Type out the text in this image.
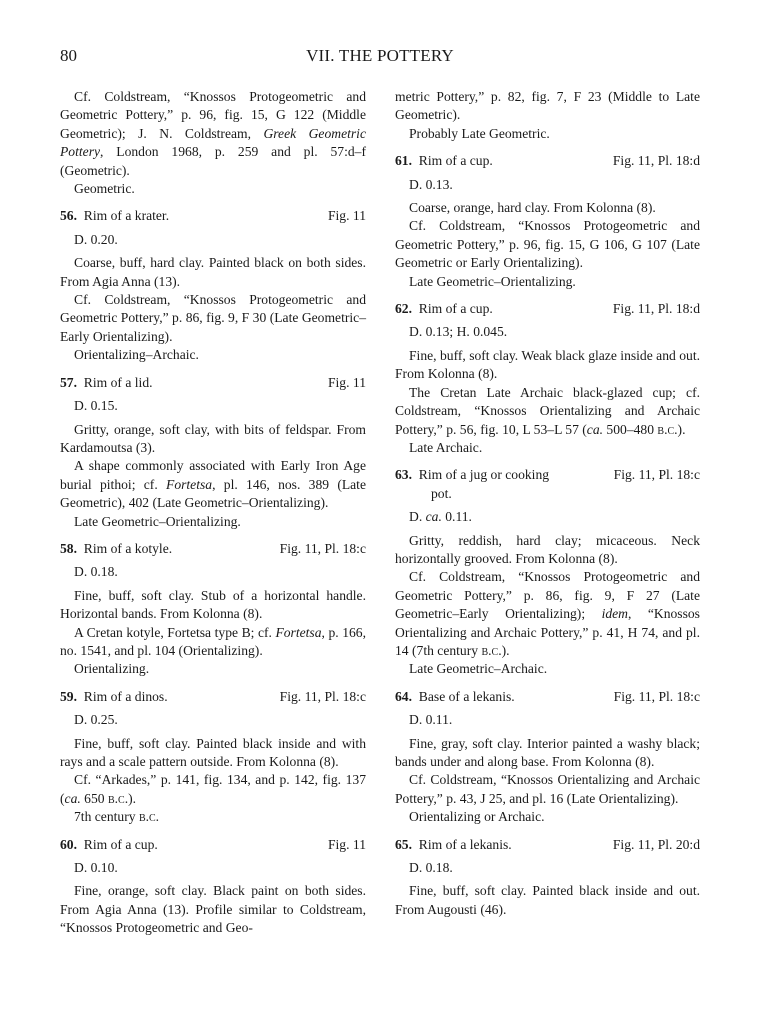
80	VII. THE POTTERY

Cf. Coldstream, “Knossos Protogeometric and Geometric Pottery,” p. 96, fig. 15, G 122 (Middle Geometric); J. N. Coldstream, Greek Geometric Pottery, London 1968, p. 259 and pl. 57:d–f (Geometric).

Geometric.

56. Rim of a krater.	Fig. 11

D. 0.20.

Coarse, buff, hard clay. Painted black on both sides. From Agia Anna (13).

Cf. Coldstream, “Knossos Protogeometric and Geometric Pottery,” p. 86, fig. 9, F 30 (Late Geometric–Early Orientalizing).

Orientalizing–Archaic.

57. Rim of a lid.	Fig. 11

D. 0.15.

Gritty, orange, soft clay, with bits of feldspar. From Kardamoutsa (3).

A shape commonly associated with Early Iron Age burial pithoi; cf. Fortetsa, pl. 146, nos. 389 (Late Geometric), 402 (Late Geometric–Orientalizing).

Late Geometric–Orientalizing.

58. Rim of a kotyle.	Fig. 11, Pl. 18:c

D. 0.18.

Fine, buff, soft clay. Stub of a horizontal handle. Horizontal bands. From Kolonna (8).

A Cretan kotyle, Fortetsa type B; cf. Fortetsa, p. 166, no. 1541, and pl. 104 (Orientalizing).

Orientalizing.

59. Rim of a dinos.	Fig. 11, Pl. 18:c

D. 0.25.

Fine, buff, soft clay. Painted black inside and with rays and a scale pattern outside. From Kolonna (8).

Cf. “Arkades,” p. 141, fig. 134, and p. 142, fig. 137 (ca. 650 b.c.).

7th century b.c.

60. Rim of a cup.	Fig. 11

D. 0.10.

Fine, orange, soft clay. Black paint on both sides. From Agia Anna (13). Profile similar to Coldstream, “Knossos Protogeometric and Geo-

metric Pottery,” p. 82, fig. 7, F 23 (Middle to Late Geometric).

Probably Late Geometric.

61. Rim of a cup.	Fig. 11, Pl. 18:d

D. 0.13.

Coarse, orange, hard clay. From Kolonna (8).

Cf. Coldstream, “Knossos Protogeometric and Geometric Pottery,” p. 96, fig. 15, G 106, G 107 (Late Geometric or Early Orientalizing).

Late Geometric–Orientalizing.

62. Rim of a cup.	Fig. 11, Pl. 18:d

D. 0.13; H. 0.045.

Fine, buff, soft clay. Weak black glaze inside and out. From Kolonna (8).

The Cretan Late Archaic black-glazed cup; cf. Coldstream, “Knossos Orientalizing and Archaic Pottery,” p. 56, fig. 10, L 53–L 57 (ca. 500–480 b.c.).

Late Archaic.

63. Rim of a jug or cooking	Fig. 11, Pl. 18:c

pot.

D. ca. 0.11.

Gritty, reddish, hard clay; micaceous. Neck horizontally grooved. From Kolonna (8).

Cf. Coldstream, “Knossos Protogeometric and Geometric Pottery,” p. 86, fig. 9, F 27 (Late Geometric–Early Orientalizing); idem, “Knossos Orientalizing and Archaic Pottery,” p. 41, H 74, and pl. 14 (7th century b.c.).

Late Geometric–Archaic.

64. Base of a lekanis.	Fig. 11, Pl. 18:c

D. 0.11.

Fine, gray, soft clay. Interior painted a washy black; bands under and along base. From Kolonna (8).

Cf. Coldstream, “Knossos Orientalizing and Archaic Pottery,” p. 43, J 25, and pl. 16 (Late Orientalizing).

Orientalizing or Archaic.

65. Rim of a lekanis.	Fig. 11, Pl. 20:d

D. 0.18.

Fine, buff, soft clay. Painted black inside and out. From Augousti (46).
